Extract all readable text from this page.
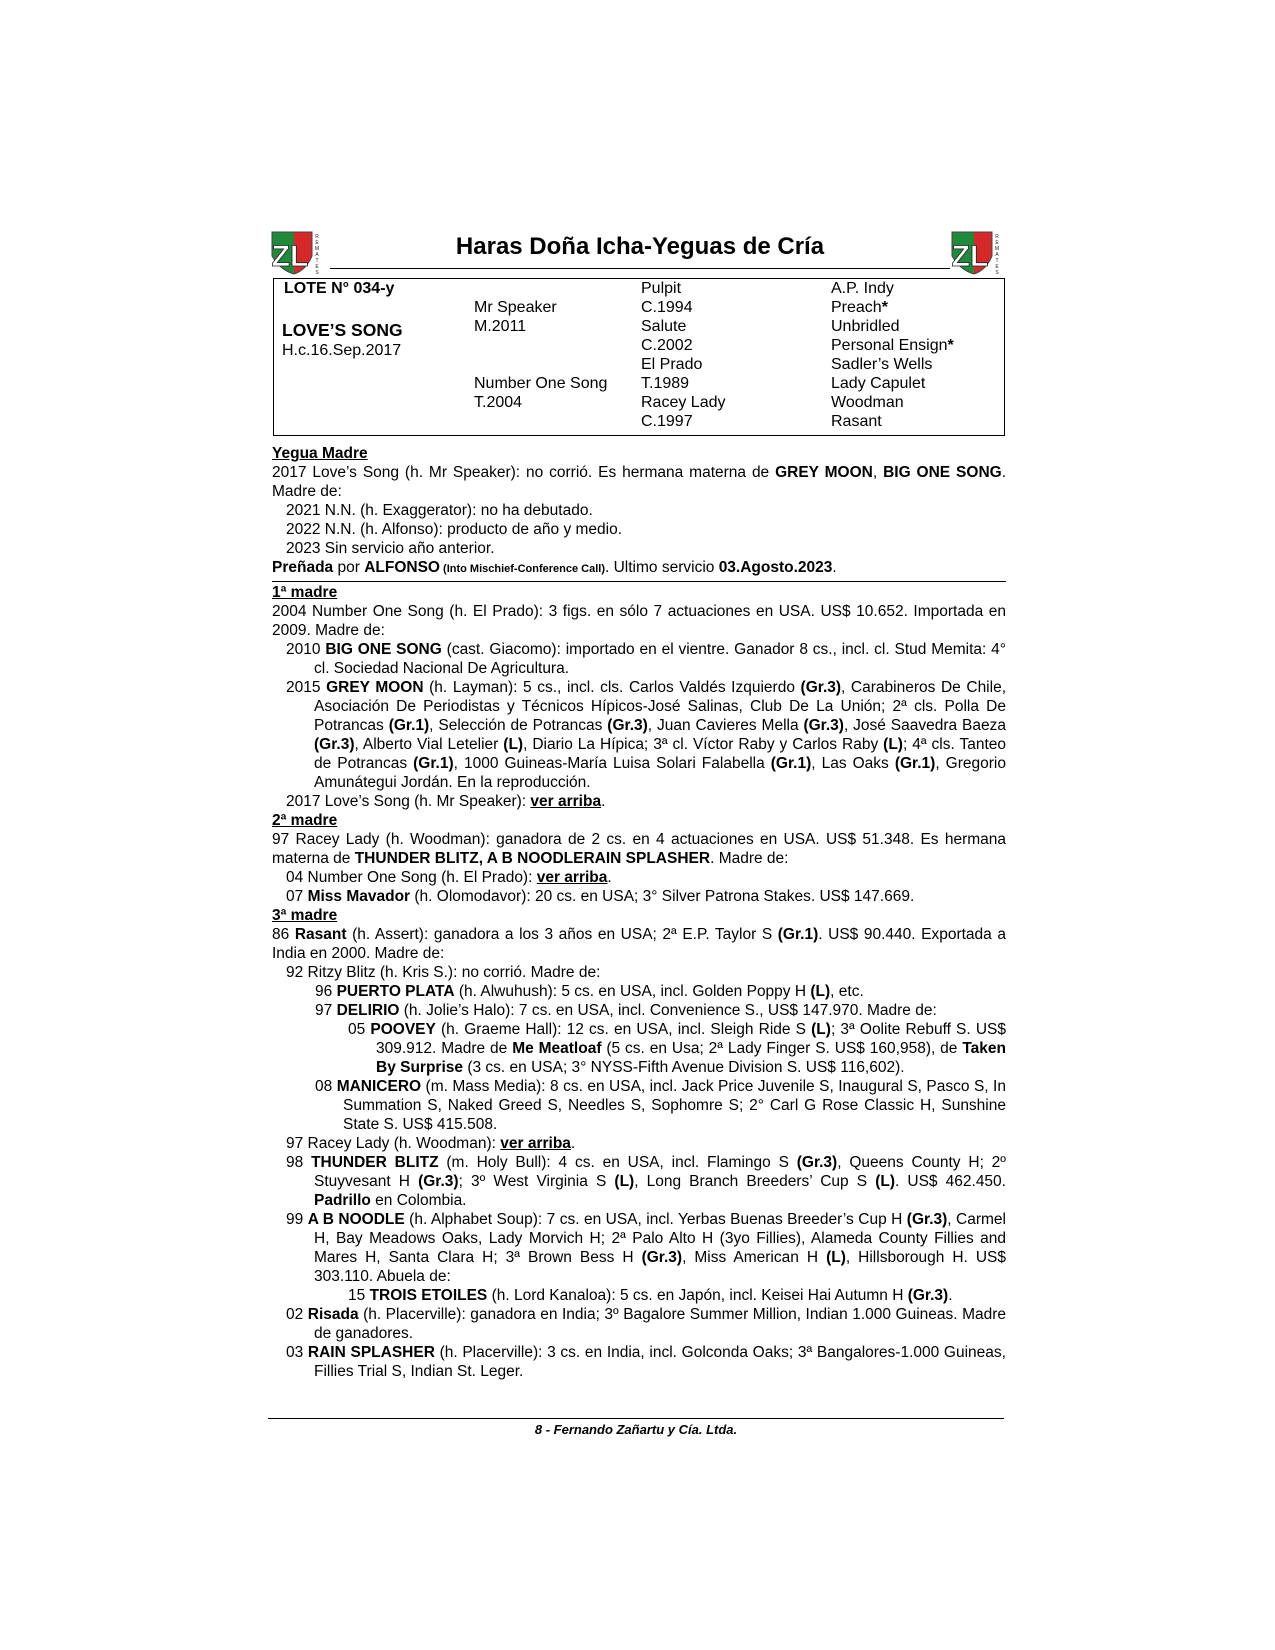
ZL
R
E
M
A
T
E
S	ZL
R
E
M
A
T
E
S
Haras Doña Icha-Yeguas de Cría
LOTE N° 034-y
LOVE’S SONG
H.c.16.Sep.2017
Mr Speaker
M.2011
Number One Song
T.2004
Pulpit
C.1994
Salute
C.2002
El Prado
T.1989
Racey Lady
C.1997
A.P. Indy
Preach*
Unbridled
Personal Ensign*
Sadler’s Wells
Lady Capulet
Woodman
Rasant

Yegua Madre

2017 Love’s Song (h. Mr Speaker): no corrió. Es hermana materna de GREY MOON, BIG ONE SONG. Madre de:

2021 N.N. (h. Exaggerator): no ha debutado.

2022 N.N. (h. Alfonso): producto de año y medio.

2023 Sin servicio año anterior.

Preñada por ALFONSO (Into Mischief-Conference Call). Ultimo servicio 03.Agosto.2023.

1ª madre

2004 Number One Song (h. El Prado): 3 figs. en sólo 7 actuaciones en USA. US$ 10.652. Importada en 2009. Madre de:

2010 BIG ONE SONG (cast. Giacomo): importado en el vientre. Ganador 8 cs., incl. cl. Stud Memita: 4° cl. Sociedad Nacional De Agricultura.

2015 GREY MOON (h. Layman): 5 cs., incl. cls. Carlos Valdés Izquierdo (Gr.3), Carabineros De Chile, Asociación De Periodistas y Técnicos Hípicos-José Salinas, Club De La Unión; 2ª cls. Polla De Potrancas (Gr.1), Selección de Potrancas (Gr.3), Juan Cavieres Mella (Gr.3), José Saavedra Baeza (Gr.3), Alberto Vial Letelier (L), Diario La Hípica; 3ª cl. Víctor Raby y Carlos Raby (L); 4ª cls. Tanteo de Potrancas (Gr.1), 1000 Guineas-María Luisa Solari Falabella (Gr.1), Las Oaks (Gr.1), Gregorio Amunátegui Jordán. En la reproducción.

2017 Love’s Song (h. Mr Speaker): ver arriba.

2ª madre

97 Racey Lady (h. Woodman): ganadora de 2 cs. en 4 actuaciones en USA. US$ 51.348. Es hermana materna de THUNDER BLITZ, A B NOODLERAIN SPLASHER. Madre de:

04 Number One Song (h. El Prado): ver arriba.

07 Miss Mavador (h. Olomodavor): 20 cs. en USA; 3° Silver Patrona Stakes. US$ 147.669.

3ª madre

86 Rasant (h. Assert): ganadora a los 3 años en USA; 2ª E.P. Taylor S (Gr.1). US$ 90.440. Exportada a India en 2000. Madre de:

92 Ritzy Blitz (h. Kris S.): no corrió. Madre de:

96 PUERTO PLATA (h. Alwuhush): 5 cs. en USA, incl. Golden Poppy H (L), etc.

97 DELIRIO (h. Jolie’s Halo): 7 cs. en USA, incl. Convenience S., US$ 147.970. Madre de:

05 POOVEY (h. Graeme Hall): 12 cs. en USA, incl. Sleigh Ride S (L); 3ª Oolite Rebuff S. US$ 309.912. Madre de Me Meatloaf (5 cs. en Usa; 2ª Lady Finger S. US$ 160,958), de Taken By Surprise (3 cs. en USA; 3° NYSS-Fifth Avenue Division S. US$ 116,602).

08 MANICERO (m. Mass Media): 8 cs. en USA, incl. Jack Price Juvenile S, Inaugural S, Pasco S, In Summation S, Naked Greed S, Needles S, Sophomre S; 2° Carl G Rose Classic H, Sunshine State S. US$ 415.508.

97 Racey Lady (h. Woodman): ver arriba.

98 THUNDER BLITZ (m. Holy Bull): 4 cs. en USA, incl. Flamingo S (Gr.3), Queens County H; 2º Stuyvesant H (Gr.3); 3º West Virginia S (L), Long Branch Breeders’ Cup S (L). US$ 462.450. Padrillo en Colombia.

99 A B NOODLE (h. Alphabet Soup): 7 cs. en USA, incl. Yerbas Buenas Breeder’s Cup H (Gr.3), Carmel H, Bay Meadows Oaks, Lady Morvich H; 2ª Palo Alto H (3yo Fillies), Alameda County Fillies and Mares H, Santa Clara H; 3ª Brown Bess H (Gr.3), Miss American H (L), Hillsborough H. US$ 303.110. Abuela de:

15 TROIS ETOILES (h. Lord Kanaloa): 5 cs. en Japón, incl. Keisei Hai Autumn H (Gr.3).

02 Risada (h. Placerville): ganadora en India; 3º Bagalore Summer Million, Indian 1.000 Guineas. Madre de ganadores.

03 RAIN SPLASHER (h. Placerville): 3 cs. en India, incl. Golconda Oaks; 3ª Bangalores-1.000 Guineas, Fillies Trial S, Indian St. Leger.

8 - Fernando Zañartu y Cía. Ltda.
